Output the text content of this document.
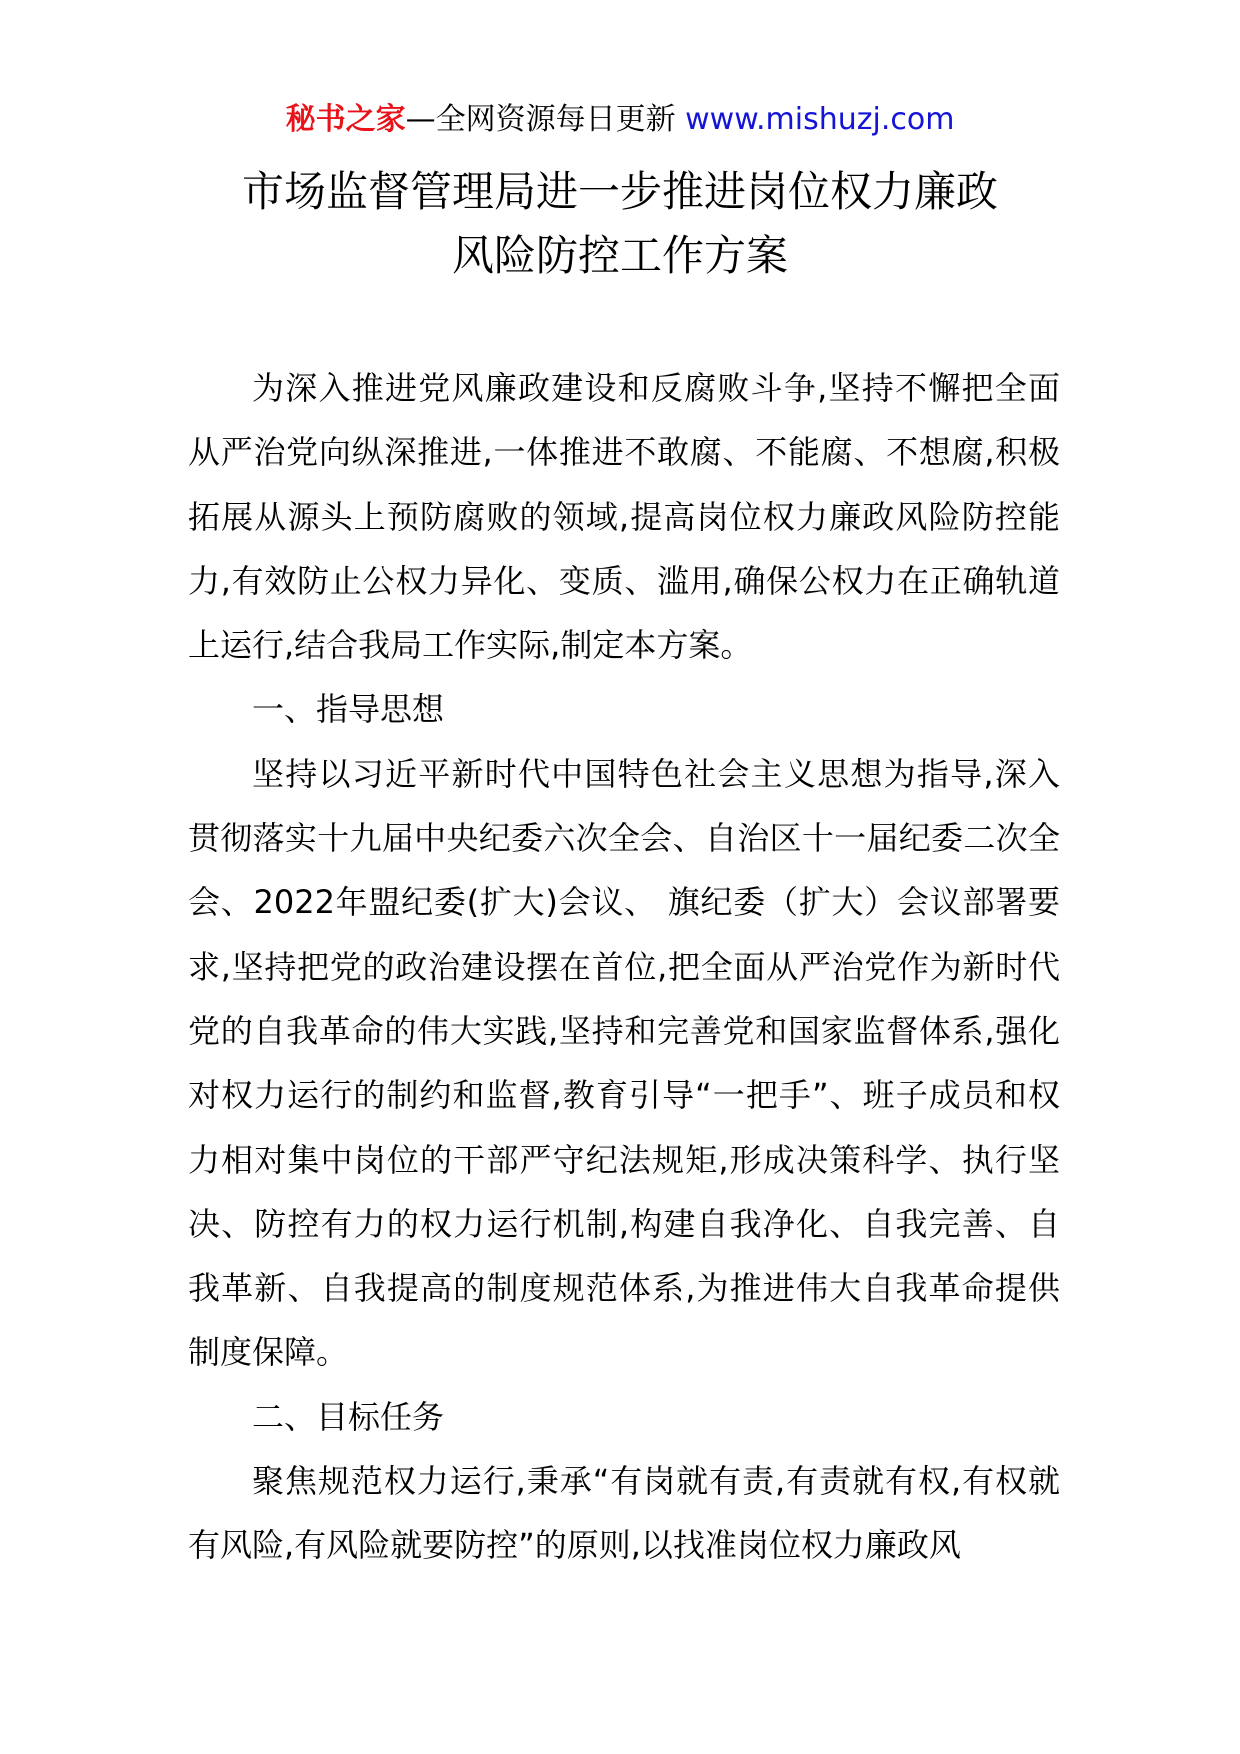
秘书之家—全网资源每日更新 www.mishuzj.com
市场监督管理局进一步推进岗位权力廉政
风险防控工作方案

为深入推进党风廉政建设和反腐败斗争,坚持不懈把全面从严治党向纵深推进,一体推进不敢腐、不能腐、不想腐,积极拓展从源头上预防腐败的领域,提高岗位权力廉政风险防控能力,有效防止公权力异化、变质、滥用,确保公权力在正确轨道上运行,结合我局工作实际,制定本方案。

一、指导思想

坚持以习近平新时代中国特色社会主义思想为指导,深入贯彻落实十九届中央纪委六次全会、自治区十一届纪委二次全会、2022年盟纪委(扩大)会议、 旗纪委（扩大）会议部署要求,坚持把党的政治建设摆在首位,把全面从严治党作为新时代党的自我革命的伟大实践,坚持和完善党和国家监督体系,强化对权力运行的制约和监督,教育引导“一把手”、班子成员和权力相对集中岗位的干部严守纪法规矩,形成决策科学、执行坚决、防控有力的权力运行机制,构建自我净化、自我完善、自我革新、自我提高的制度规范体系,为推进伟大自我革命提供制度保障。

二、目标任务

聚焦规范权力运行,秉承“有岗就有责,有责就有权,有权就有风险,有风险就要防控”的原则,以找准岗位权力廉政风
